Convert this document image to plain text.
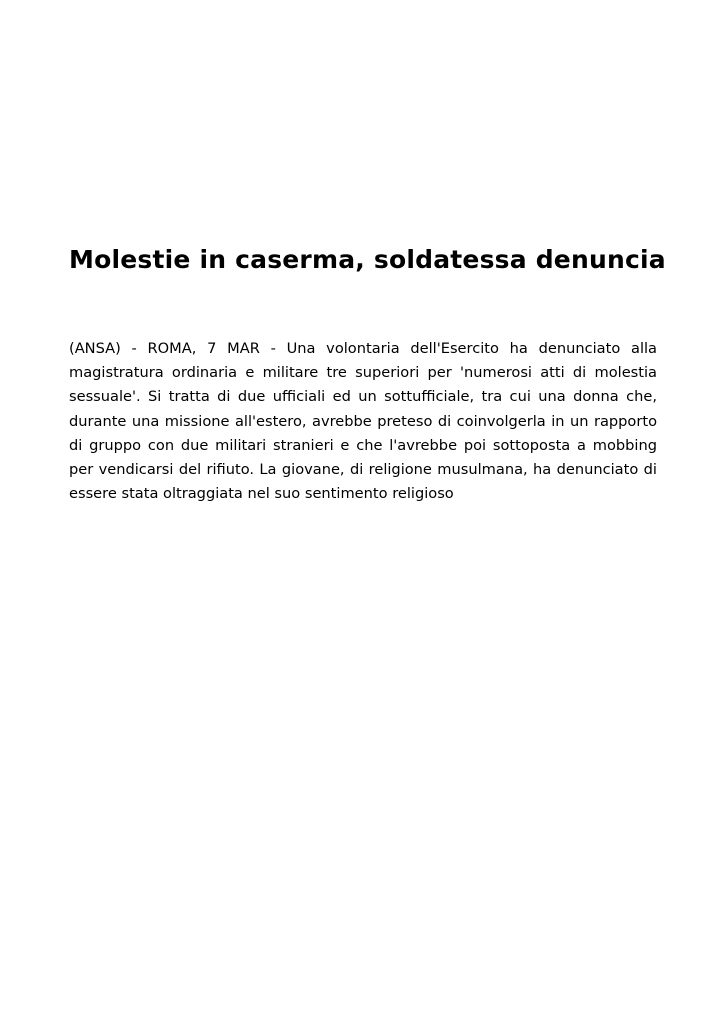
Molestie in caserma, soldatessa denuncia

(ANSA) - ROMA, 7 MAR - Una volontaria dell'Esercito ha denunciato alla magistratura ordinaria e militare tre superiori per 'numerosi atti di molestia sessuale'. Si tratta di due ufficiali ed un sottufficiale, tra cui una donna che, durante una missione all'estero, avrebbe preteso di coinvolgerla in un rapporto di gruppo con due militari stranieri e che l'avrebbe poi sottoposta a mobbing per vendicarsi del rifiuto. La giovane, di religione musulmana, ha denunciato di essere stata oltraggiata nel suo sentimento religioso
